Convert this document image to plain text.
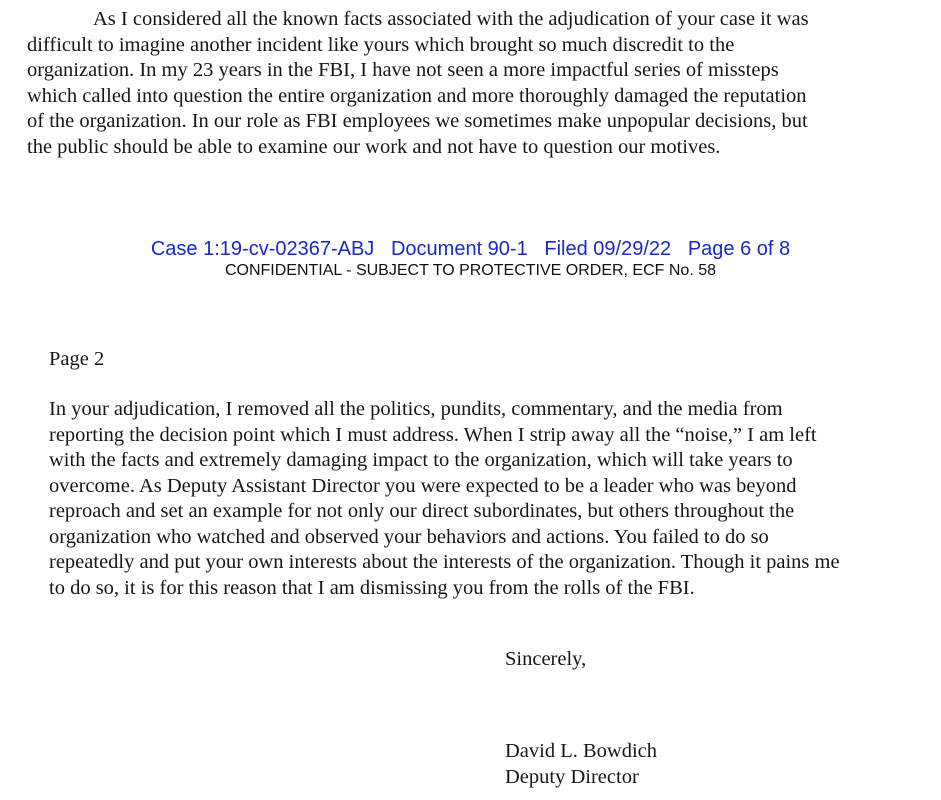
As I considered all the known facts associated with the adjudication of your case it was
difficult to imagine another incident like yours which brought so much discredit to the
organization. In my 23 years in the FBI, I have not seen a more impactful series of missteps
which called into question the entire organization and more thoroughly damaged the reputation
of the organization. In our role as FBI employees we sometimes make unpopular decisions, but
the public should be able to examine our work and not have to question our motives.

Case 1:19-cv-02367-ABJ   Document 90-1   Filed 09/29/22   Page 6 of 8
CONFIDENTIAL - SUBJECT TO PROTECTIVE ORDER, ECF No. 58

Page 2

In your adjudication, I removed all the politics, pundits, commentary, and the media from
reporting the decision point which I must address. When I strip away all the “noise,” I am left
with the facts and extremely damaging impact to the organization, which will take years to
overcome. As Deputy Assistant Director you were expected to be a leader who was beyond
reproach and set an example for not only our direct subordinates, but others throughout the
organization who watched and observed your behaviors and actions. You failed to do so
repeatedly and put your own interests about the interests of the organization. Though it pains me
to do so, it is for this reason that I am dismissing you from the rolls of the FBI.

Sincerely,

David L. Bowdich
Deputy Director
